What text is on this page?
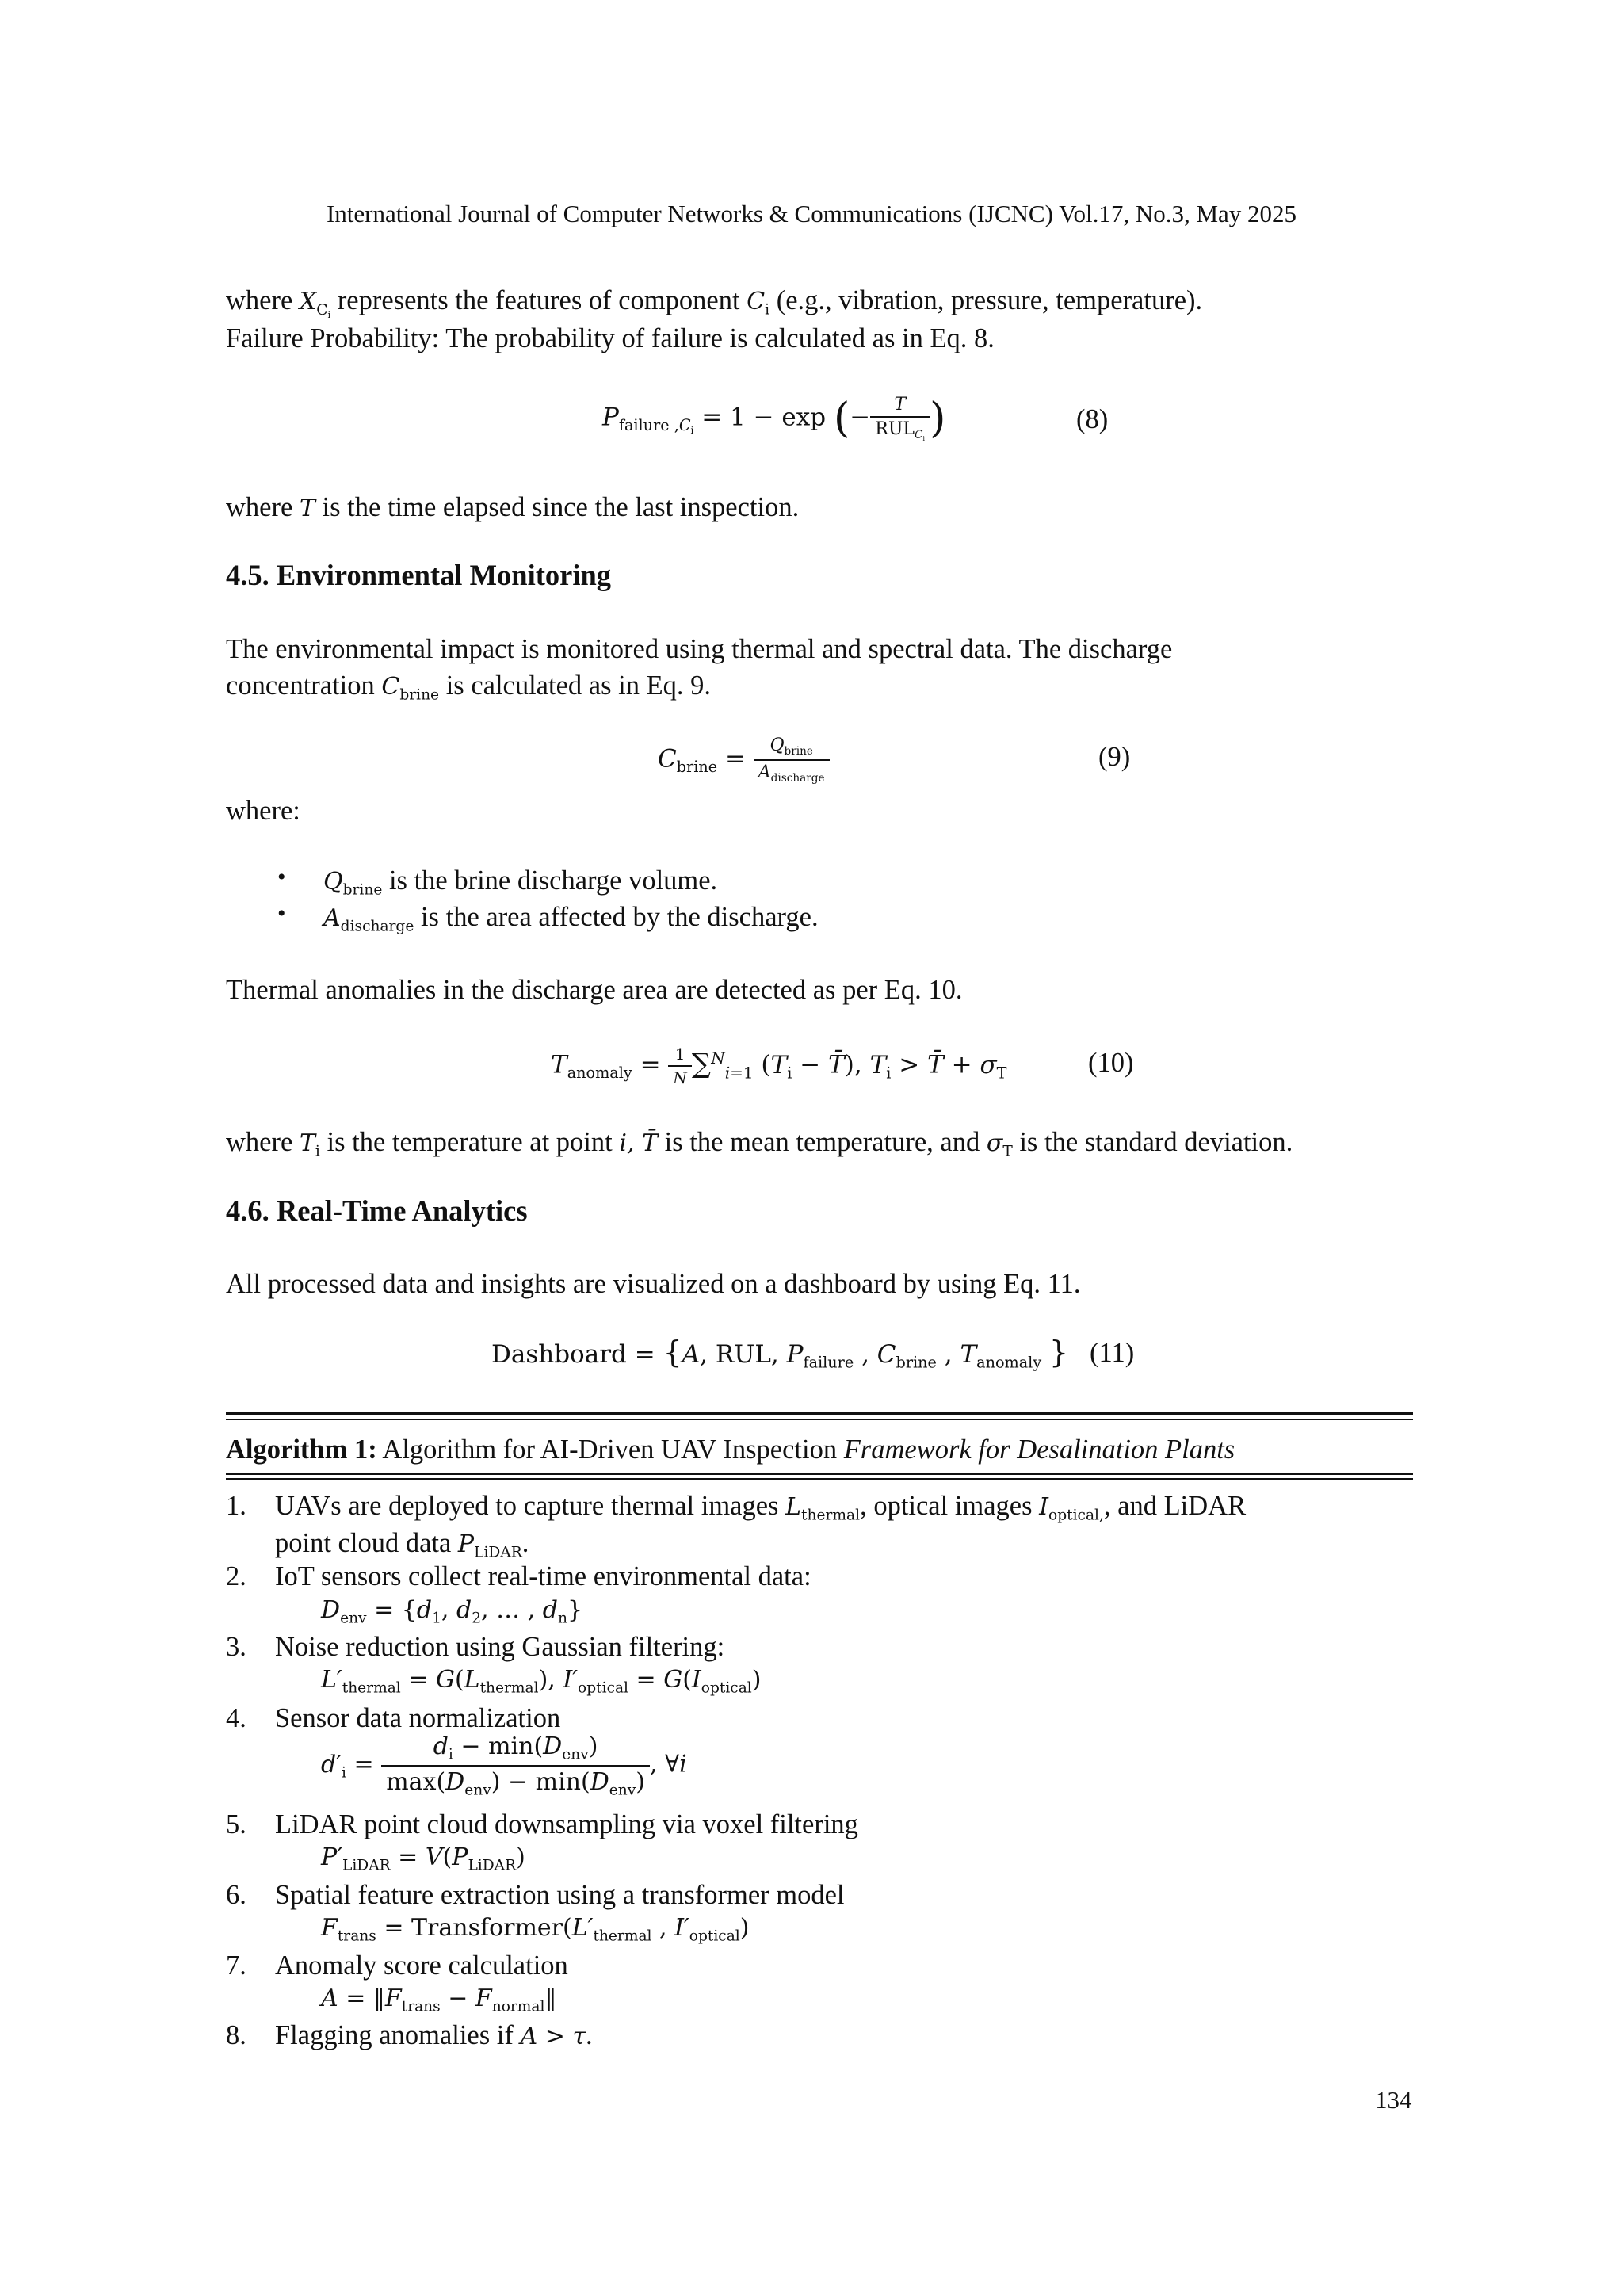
International Journal of Computer Networks & Communications (IJCNC) Vol.17, No.3, May 2025
where $X_{C_i}$ represents the features of component $C_i$ (e.g., vibration, pressure, temperature).
Failure Probability: The probability of failure is calculated as in Eq. 8.
$P_{failure ,C_i} = 1 - \exp$ (− $\frac{T}{RUL_{C_i}}$ )	(8)
where T is the time elapsed since the last inspection.
4.5. Environmental Monitoring
The environmental impact is monitored using thermal and spectral data. The discharge
concentration $C_{brine}$ is calculated as in Eq. 9.
$C_{brine} = \frac{Q_{brine}}{A_{discharge}}$	(9)
where:
• $Q_{brine}$ is the brine discharge volume.
• $A_{discharge}$ is the area affected by the discharge.
Thermal anomalies in the discharge area are detected as per Eq. 10.
$T_{anomaly} = \frac{1}{N} \sum^N_{i=1}$ ($T_i$ − T̄), $T_i$ > T̄ + $\sigma_T$	(10)
where $T_i$ is the temperature at point i, T̄ is the mean temperature, and $\sigma_T$ is the standard deviation.
4.6. Real-Time Analytics
All processed data and insights are visualized on a dashboard by using Eq. 11.
Dashboard = {A, RUL, $P_{failure}$ , $C_{brine}$ , $T_{anomaly}$ } (11)
Algorithm 1: Algorithm for AI-Driven UAV Inspection Framework for Desalination Plants
1. UAVs are deployed to capture thermal images $L_{thermal}$, optical images $I_{optical,}$, and LiDAR
point cloud data $P_{LiDAR}$.
2. IoT sensors collect real-time environmental data:
$D_{env} = \{d_1$, $d_2$, … , $d_n$}
3. Noise reduction using Gaussian filtering:
$L'_{thermal} = G(L_{thermal})$, $I'_{optical} = G(I_{optical})$
4. Sensor data normalization
$d'_i = \frac{d_i - \min(D_{env})}{\max(D_{env}) - \min(D_{env})}$ , ∀i
5. LiDAR point cloud downsampling via voxel filtering
$P'_{LiDAR} = V(P_{LiDAR})$
6. Spatial feature extraction using a transformer model
$F_{trans}$ = $Transformer(L'_{thermal}$ , $I'_{optical}$)
7. Anomaly score calculation
$A = ‖F_{trans}$ − $F_{normal}‖$
8. Flagging anomalies if A > τ.
134
